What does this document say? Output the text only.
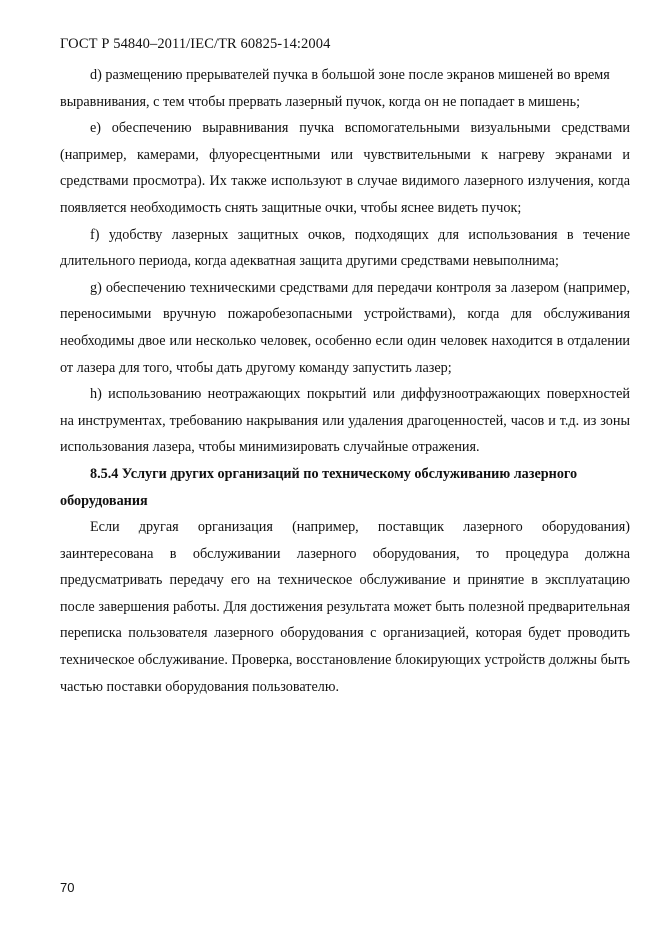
ГОСТ Р 54840–2011/IEC/TR 60825-14:2004

d) размещению прерывателей пучка в большой зоне после экранов мишеней во время выравнивания, с тем чтобы прервать лазерный пучок, когда он не попадает в мишень;

e) обеспечению выравнивания пучка вспомогательными визуальными средствами (например, камерами, флуоресцентными или чувствительными к нагреву экранами и средствами просмотра). Их также используют в случае видимого лазерного излучения, когда появляется необходимость снять защитные очки, чтобы яснее видеть пучок;

f) удобству лазерных защитных очков, подходящих для использования в течение длительного периода, когда адекватная защита другими средствами невыполнима;

g) обеспечению техническими средствами для передачи контроля за лазером (например, переносимыми вручную пожаробезопасными устройствами), когда для обслуживания необходимы двое или несколько человек, особенно если один человек находится в отдалении от лазера для того, чтобы дать другому команду запустить лазер;

h) использованию неотражающих покрытий или диффузноотражающих поверхностей на инструментах, требованию накрывания или удаления драгоценностей, часов и т.д. из зоны использования лазера, чтобы минимизировать случайные отражения.

8.5.4 Услуги других организаций по техническому обслуживанию лазерного оборудования

Если другая организация (например, поставщик лазерного оборудования) заинтересована в обслуживании лазерного оборудования, то процедура должна предусматривать передачу его на техническое обслуживание и принятие в эксплуатацию после завершения работы. Для достижения результата может быть полезной предварительная переписка пользователя лазерного оборудования с организацией, которая будет проводить техническое обслуживание. Проверка, восстановление блокирующих устройств должны быть частью поставки оборудования пользователю.

70
